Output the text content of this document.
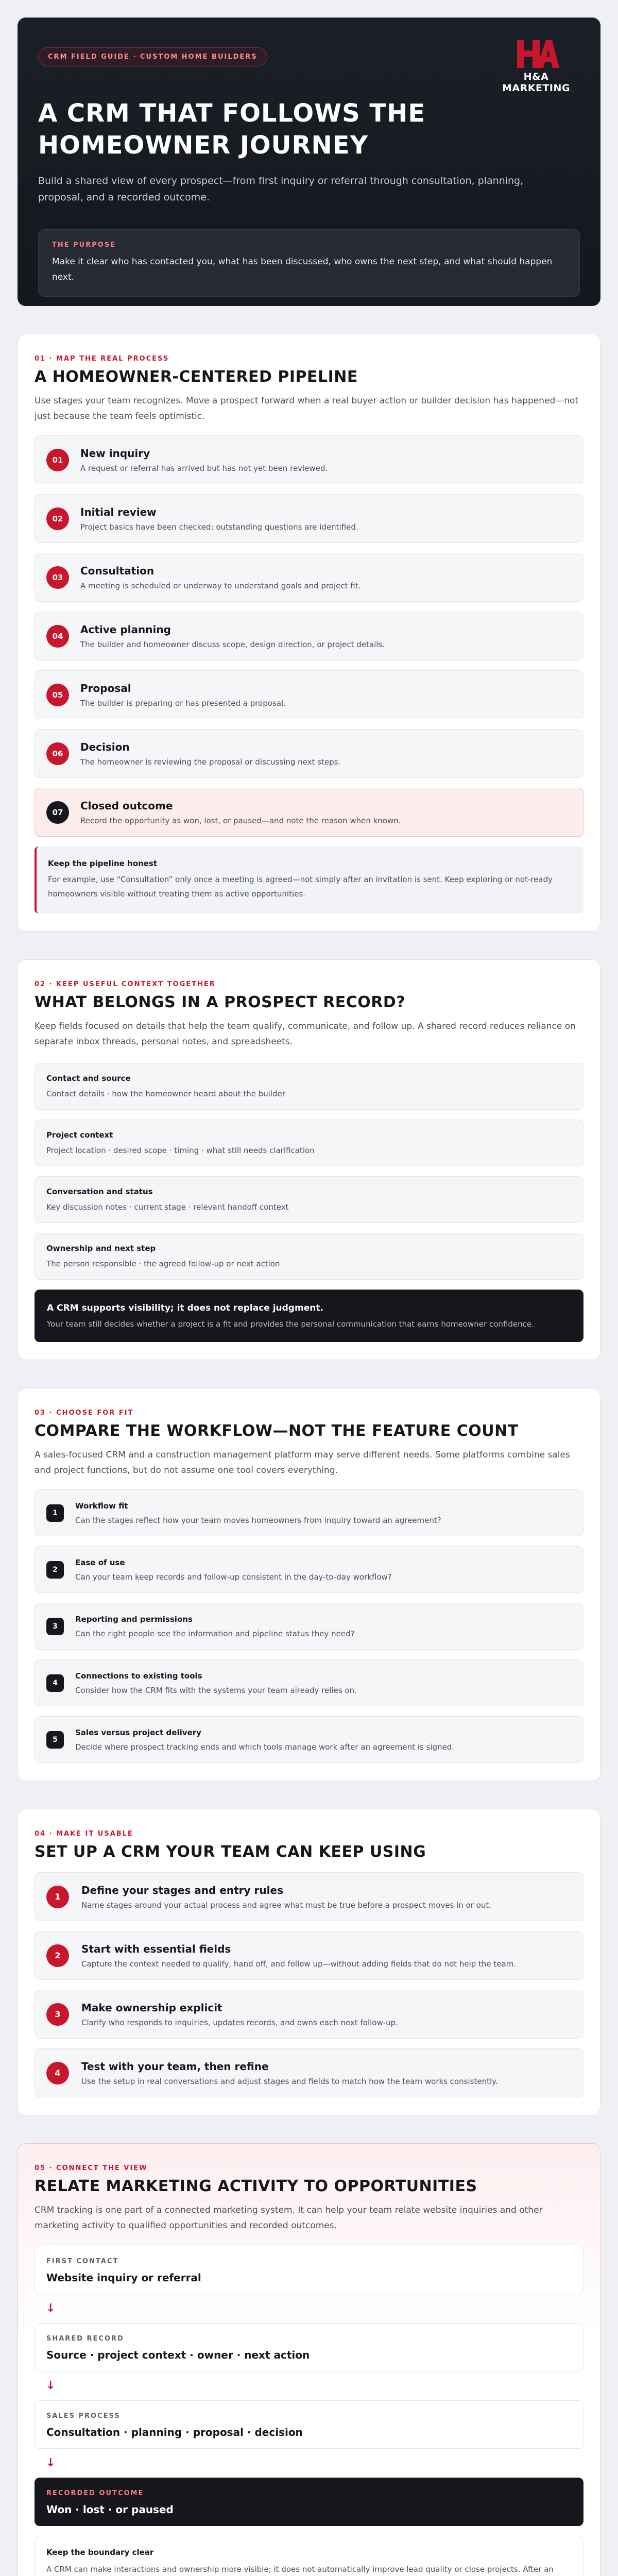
CRM FIELD GUIDE · CUSTOM HOME BUILDERS
H&A MARKETING
A CRM THAT FOLLOWS THE
HOMEOWNER JOURNEY

Build a shared view of every prospect—from first inquiry or referral through consultation, planning, proposal, and a recorded outcome.

THE PURPOSE
Make it clear who has contacted you, what has been discussed, who owns the next step, and what should happen next.
01 · MAP THE REAL PROCESS
A HOMEOWNER-CENTERED PIPELINE

Use stages your team recognizes. Move a prospect forward when a real buyer action or builder decision has happened—not just because the team feels optimistic.

01
New inquiry
A request or referral has arrived but has not yet been reviewed.
02
Initial review
Project basics have been checked; outstanding questions are identified.
03
Consultation
A meeting is scheduled or underway to understand goals and project fit.
04
Active planning
The builder and homeowner discuss scope, design direction, or project details.
05
Proposal
The builder is preparing or has presented a proposal.
06
Decision
The homeowner is reviewing the proposal or discussing next steps.
07
Closed outcome
Record the opportunity as won, lost, or paused—and note the reason when known.
Keep the pipeline honest
For example, use “Consultation” only once a meeting is agreed—not simply after an invitation is sent. Keep exploring or not-ready homeowners visible without treating them as active opportunities.
02 · KEEP USEFUL CONTEXT TOGETHER
WHAT BELONGS IN A PROSPECT RECORD?

Keep fields focused on details that help the team qualify, communicate, and follow up. A shared record reduces reliance on separate inbox threads, personal notes, and spreadsheets.

Contact and source
Contact details · how the homeowner heard about the builder
Project context
Project location · desired scope · timing · what still needs clarification
Conversation and status
Key discussion notes · current stage · relevant handoff context
Ownership and next step
The person responsible · the agreed follow-up or next action
A CRM supports visibility; it does not replace judgment.
Your team still decides whether a project is a fit and provides the personal communication that earns homeowner confidence.
03 · CHOOSE FOR FIT
COMPARE THE WORKFLOW—NOT THE FEATURE COUNT

A sales-focused CRM and a construction management platform may serve different needs. Some platforms combine sales and project functions, but do not assume one tool covers everything.

1
Workflow fit
Can the stages reflect how your team moves homeowners from inquiry toward an agreement?
2
Ease of use
Can your team keep records and follow-up consistent in the day-to-day workflow?
3
Reporting and permissions
Can the right people see the information and pipeline status they need?
4
Connections to existing tools
Consider how the CRM fits with the systems your team already relies on.
5
Sales versus project delivery
Decide where prospect tracking ends and which tools manage work after an agreement is signed.
04 · MAKE IT USABLE
SET UP A CRM YOUR TEAM CAN KEEP USING
1
Define your stages and entry rules
Name stages around your actual process and agree what must be true before a prospect moves in or out.
2
Start with essential fields
Capture the context needed to qualify, hand off, and follow up—without adding fields that do not help the team.
3
Make ownership explicit
Clarify who responds to inquiries, updates records, and owns each next follow-up.
4
Test with your team, then refine
Use the setup in real conversations and adjust stages and fields to match how the team works consistently.
05 · CONNECT THE VIEW
RELATE MARKETING ACTIVITY TO OPPORTUNITIES

CRM tracking is one part of a connected marketing system. It can help your team relate website inquiries and other marketing activity to qualified opportunities and recorded outcomes.

FIRST CONTACT
Website inquiry or referral
↓
SHARED RECORD
Source · project context · owner · next action
↓
SALES PROCESS
Consultation · planning · proposal · decision
↓
RECORDED OUTCOME
Won · lost · or paused
Keep the boundary clear
A CRM can make interactions and ownership more visible; it does not automatically improve lead quality or close projects. After an
